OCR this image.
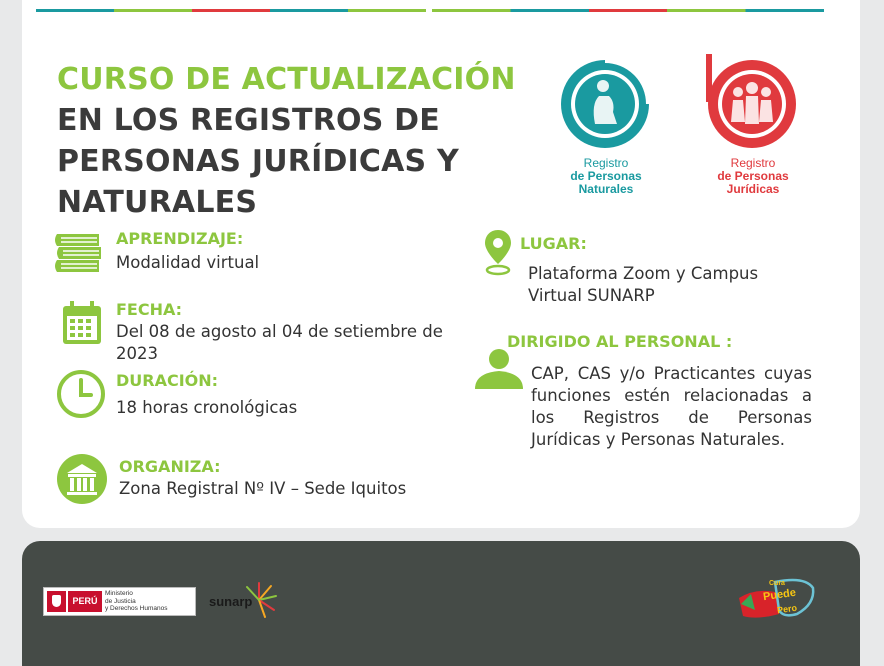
CURSO DE ACTUALIZACIÓN
EN LOS REGISTROS DE
PERSONAS JURÍDICAS Y
NATURALES
Registro
de Personas
Naturales
Registro
de Personas
Jurídicas
APRENDIZAJE:
Modalidad virtual
FECHA:
Del 08 de agosto al 04 de setiembre de 2023
DURACIÓN:
18 horas cronológicas
ORGANIZA:
Zona Registral Nº IV – Sede Iquitos
LUGAR:
Plataforma Zoom y Campus Virtual SUNARP
DIRIGIDO AL PERSONAL :
CAP, CAS y/o Practicantes cuyas funciones estén relacionadas a los Registros de Personas Jurídicas y Personas Naturales.
PERÚ
Ministerio
de Justicia
y Derechos Humanos	sunarp
Cura
Puede
Pero
